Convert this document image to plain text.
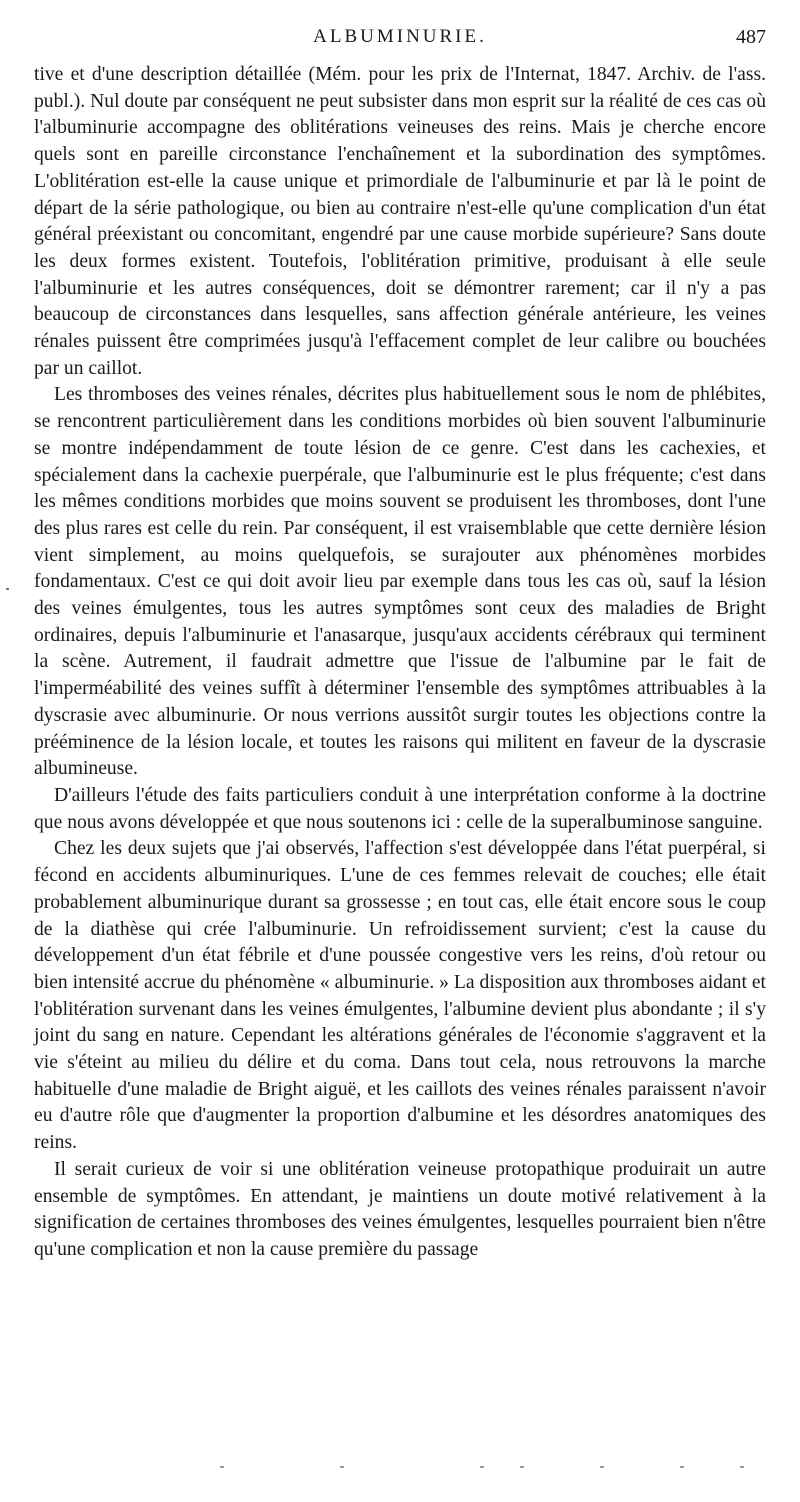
ALBUMINURIE.	487

tive et d'une description détaillée (Mém. pour les prix de l'Internat, 1847. Archiv. de l'ass. publ.). Nul doute par conséquent ne peut subsister dans mon esprit sur la réalité de ces cas où l'albuminurie accompagne des oblitérations veineuses des reins. Mais je cherche encore quels sont en pareille circonstance l'enchaînement et la subordination des symptômes. L'oblitération est-elle la cause unique et primordiale de l'albuminurie et par là le point de départ de la série pathologique, ou bien au contraire n'est-elle qu'une complication d'un état général préexistant ou concomitant, engendré par une cause morbide supérieure? Sans doute les deux formes existent. Toutefois, l'oblitération primitive, produisant à elle seule l'albuminurie et les autres conséquences, doit se démontrer rarement; car il n'y a pas beaucoup de circonstances dans lesquelles, sans affection générale antérieure, les veines rénales puissent être comprimées jusqu'à l'effacement complet de leur calibre ou bouchées par un caillot.

Les thromboses des veines rénales, décrites plus habituellement sous le nom de phlébites, se rencontrent particulièrement dans les conditions morbides où bien souvent l'albuminurie se montre indépendamment de toute lésion de ce genre. C'est dans les cachexies, et spécialement dans la cachexie puerpérale, que l'albuminurie est le plus fréquente; c'est dans les mêmes conditions morbides que moins souvent se produisent les thromboses, dont l'une des plus rares est celle du rein. Par conséquent, il est vraisemblable que cette dernière lésion vient simplement, au moins quelquefois, se surajouter aux phénomènes morbides fondamentaux. C'est ce qui doit avoir lieu par exemple dans tous les cas où, sauf la lésion des veines émulgentes, tous les autres symptômes sont ceux des maladies de Bright ordinaires, depuis l'albuminurie et l'anasarque, jusqu'aux accidents cérébraux qui terminent la scène. Autrement, il faudrait admettre que l'issue de l'albumine par le fait de l'imperméabilité des veines suffît à déterminer l'ensemble des symptômes attribuables à la dyscrasie avec albuminurie. Or nous verrions aussitôt surgir toutes les objections contre la prééminence de la lésion locale, et toutes les raisons qui militent en faveur de la dyscrasie albumineuse.

D'ailleurs l'étude des faits particuliers conduit à une interprétation conforme à la doctrine que nous avons développée et que nous soutenons ici : celle de la superalbuminose sanguine.

Chez les deux sujets que j'ai observés, l'affection s'est développée dans l'état puerpéral, si fécond en accidents albuminuriques. L'une de ces femmes relevait de couches; elle était probablement albuminurique durant sa grossesse ; en tout cas, elle était encore sous le coup de la diathèse qui crée l'albuminurie. Un refroidissement survient; c'est la cause du développement d'un état fébrile et d'une poussée congestive vers les reins, d'où retour ou bien intensité accrue du phénomène « albuminurie. » La disposition aux thromboses aidant et l'oblitération survenant dans les veines émulgentes, l'albumine devient plus abondante ; il s'y joint du sang en nature. Cependant les altérations générales de l'économie s'aggravent et la vie s'éteint au milieu du délire et du coma. Dans tout cela, nous retrouvons la marche habituelle d'une maladie de Bright aiguë, et les caillots des veines rénales paraissent n'avoir eu d'autre rôle que d'augmenter la proportion d'albumine et les désordres anatomiques des reins.

Il serait curieux de voir si une oblitération veineuse protopathique produirait un autre ensemble de symptômes. En attendant, je maintiens un doute motivé relativement à la signification de certaines thromboses des veines émulgentes, lesquelles pourraient bien n'être qu'une complication et non la cause première du passage
